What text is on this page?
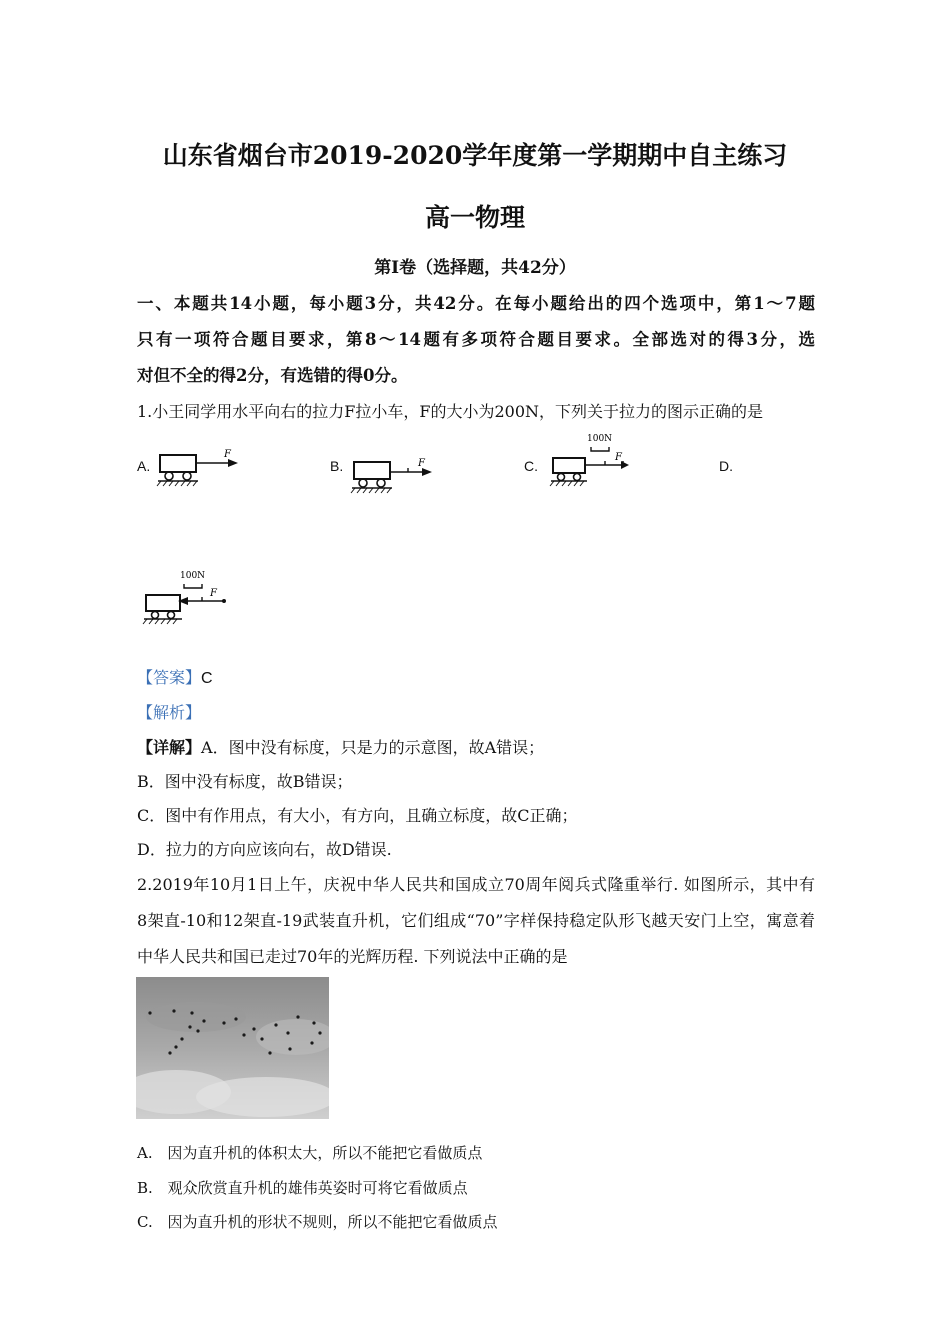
山东省烟台市2019-2020学年度第一学期期中自主练习
高一物理
第Ⅰ卷（选择题，共42分）
一、本题共14小题，每小题3分，共42分。在每小题给出的四个选项中，第1～7题
只有一项符合题目要求，第8～14题有多项符合题目要求。全部选对的得3分，选
对但不全的得2分，有选错的得0分。
1.小王同学用水平向右的拉力F拉小车，F的大小为200N，下列关于拉力的图示正确的是
A.
F
B.	F	C.
100N
F
D.
100N
F
【答案】C
【解析】
【详解】A．图中没有标度，只是力的示意图，故A错误；
B．图中没有标度，故B错误；
C．图中有作用点，有大小，有方向，且确立标度，故C正确；
D．拉力的方向应该向右，故D错误.
2.2019年10月1日上午，庆祝中华人民共和国成立70周年阅兵式隆重举行. 如图所示，其中有
8架直-10和12架直-19武装直升机，它们组成“70”字样保持稳定队形飞越天安门上空，寓意着
中华人民共和国已走过70年的光辉历程. 下列说法中正确的是
A. 因为直升机的体积太大，所以不能把它看做质点
B. 观众欣赏直升机的雄伟英姿时可将它看做质点
C. 因为直升机的形状不规则，所以不能把它看做质点
